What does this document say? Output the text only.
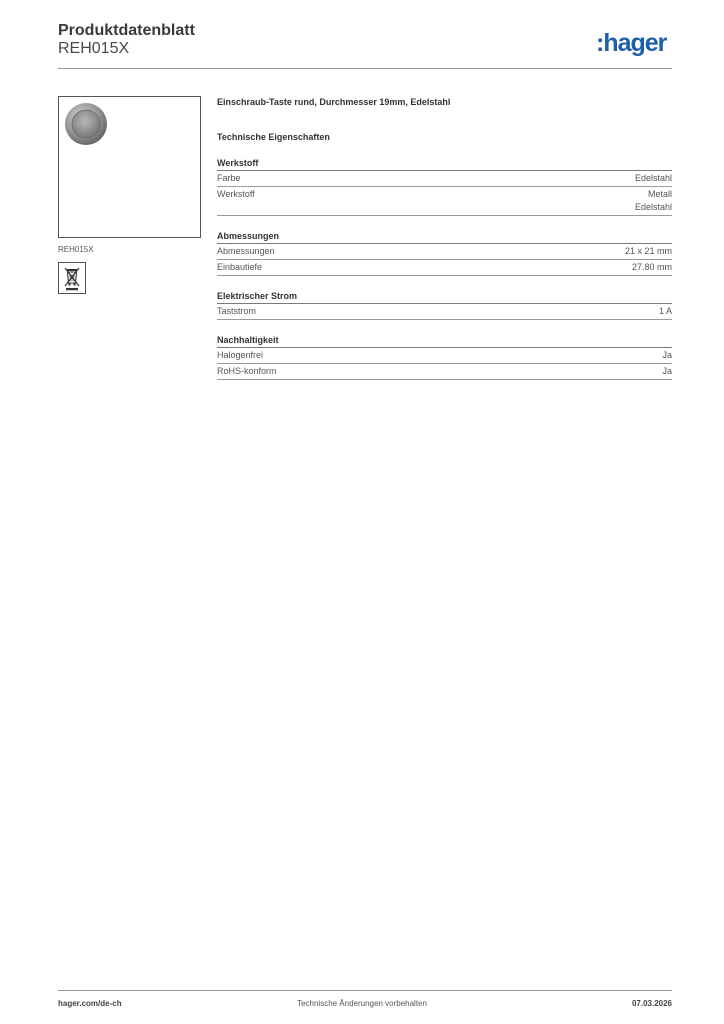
Produktdatenblatt
REH015X	:hager
REH015X
Einschraub-Taste rund, Durchmesser 19mm, Edelstahl
Technische Eigenschaften
Werkstoff
Farbe	Edelstahl
Werkstoff	Metall
Edelstahl
Abmessungen
Abmessungen	21 x 21 mm
Einbautiefe	27.80 mm
Elektrischer Strom
Taststrom	1 A
Nachhaltigkeit
Halogenfrei	Ja
RoHS-konform	Ja
hager.com/de-ch	Technische Änderungen vorbehalten	07.03.2026
